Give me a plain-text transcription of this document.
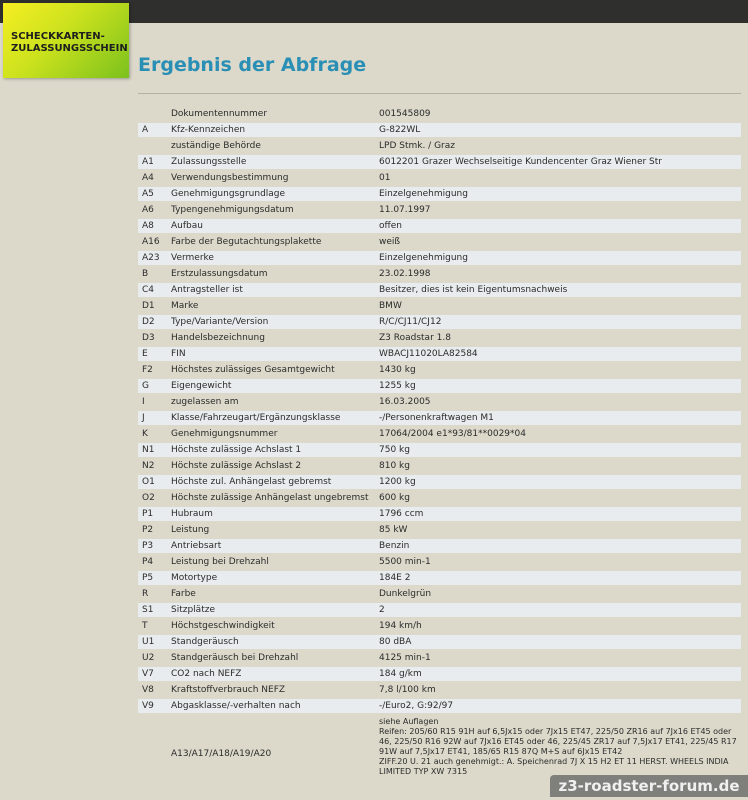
SCHECKKARTEN-
ZULASSUNGSSCHEIN
Ergebnis der Abfrage
	Dokumentennummer	001545809
A	Kfz-Kennzeichen	G-822WL
	zuständige Behörde	LPD Stmk. / Graz
A1	Zulassungsstelle	6012201 Grazer Wechselseitige Kundencenter Graz Wiener Str
A4	Verwendungsbestimmung	01
A5	Genehmigungsgrundlage	Einzelgenehmigung
A6	Typengenehmigungsdatum	11.07.1997
A8	Aufbau	offen
A16	Farbe der Begutachtungsplakette	weiß
A23	Vermerke	Einzelgenehmigung
B	Erstzulassungsdatum	23.02.1998
C4	Antragsteller ist	Besitzer, dies ist kein Eigentumsnachweis
D1	Marke	BMW
D2	Type/Variante/Version	R/C/CJ11/CJ12
D3	Handelsbezeichnung	Z3 Roadstar 1.8
E	FIN	WBACJ11020LA82584
F2	Höchstes zulässiges Gesamtgewicht	1430 kg
G	Eigengewicht	1255 kg
I	zugelassen am	16.03.2005
J	Klasse/Fahrzeugart/Ergänzungsklasse	-/Personenkraftwagen M1
K	Genehmigungsnummer	17064/2004 e1*93/81**0029*04
N1	Höchste zulässige Achslast 1	750 kg
N2	Höchste zulässige Achslast 2	810 kg
O1	Höchste zul. Anhängelast gebremst	1200 kg
O2	Höchste zulässige Anhängelast ungebremst	600 kg
P1	Hubraum	1796 ccm
P2	Leistung	85 kW
P3	Antriebsart	Benzin
P4	Leistung bei Drehzahl	5500 min-1
P5	Motortype	184E 2
R	Farbe	Dunkelgrün
S1	Sitzplätze	2
T	Höchstgeschwindigkeit	194 km/h
U1	Standgeräusch	80 dBA
U2	Standgeräusch bei Drehzahl	4125 min-1
V7	CO2 nach NEFZ	184 g/km
V8	Kraftstoffverbrauch NEFZ	7,8 l/100 km
V9	Abgasklasse/-verhalten nach	-/Euro2, G:92/97
	A13/A17/A18/A19/A20	siehe Auflagen
Reifen: 205/60 R15 91H auf 6,5Jx15 oder 7Jx15 ET47, 225/50 ZR16 auf 7Jx16 ET45 oder 46, 225/50 R16 92W auf 7Jx16 ET45 oder 46, 225/45 ZR17 auf 7,5Jx17 ET41, 225/45 R17 91W auf 7,5Jx17 ET41, 185/65 R15 87Q M+S auf 6Jx15 ET42
ZIFF.20 U. 21 auch genehmigt.: A. Speichenrad 7J X 15 H2 ET 11 HERST. WHEELS INDIA LIMITED TYP XW 7315
z3-roadster-forum.de
